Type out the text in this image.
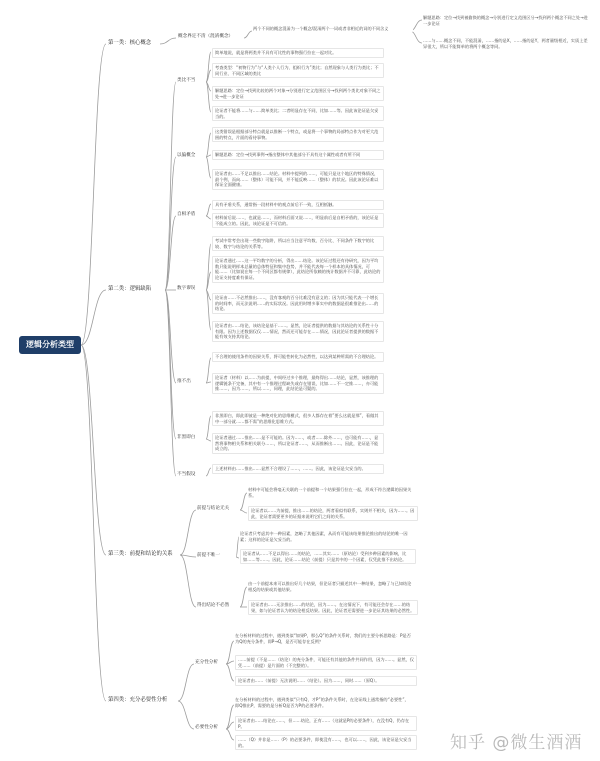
逻辑分析类型
第一类：核心概念
概念界定不清（混淆概念）
两个不同的概念混淆为一个概念/混淆两个一词或者非相近的词的不同含义
解题思路：定位→找到被偷换的概念→分别进行定义范围区分→找到两个概念不同之处→进一步论证
……与……概念不同，不能混淆，……指的是X，……指的是Y，两者量级相近，实质上差异很大，所以不能简单的将两个概念等同。
第二类：逻辑缺陷
类比不当
简单地说，就是将两类并不具有可比性的事物强行拉在一起对比。
考查类型：“初物行为”与“人类个人行为、组织行为”类比；自然现象与人类行为类比；不同行业、不同区域的类比
解题思路：定位→找到比较的两个对象→分别进行定义范围区分→找到两个类比对象不同之处→进一步论证
论证者不能将……与……简单类比；二者明显存在不同，比如……等。因此该论证是欠妥当的。
以偏概全
这类错误是根据部分特点就是以推断一个特点，或是将一个事物的局部特点作为对更大范围的特点，片面的看待事物。
解题思路：定位→找到事例→指出整体中其他部分不具有这个属性或者有所不同
论证者由……不足以推出……结论。材料中提到的……，可能只是这个地区的特殊情况，最个例，而向……（整体）可能不同，并不能反映……（整体）的状况。因此该论证难以保证全面健康。
自相矛盾
具有矛盾关系，通常指一段材料中的观点前后不一致，互相抵触。
材料前后说……，也就是……，而材料后面又说……，明显前后是自相矛盾的，该论证是不能成立的。因此，该论证是不可信的。
数字谬误
考试中常考会出现一些数字陷阱，所以应当注意平均数、百分比、不同条件下数字的比较、数字与结论的关系等。
论证者通过……这一平均数字的分析，得出……结论。该论证过程还有待研究，因为平均数只能说明样本总量的总体特征和集中趋势，并不能代表每一个样本的具体情况，可能……（比如说在每一个不同区都有规律），此结论所依赖的统计数据并不可靠，此结论的论证支持度难有保证。
论证由……不必然推出……，没有客观的百分比难没有意义的；因为其只能代表一个增长的时间率，而无法说明……的实际状况。因此用时增多事实中的数据是很难推论出……的结论。
论证者由……结论，该结论是基于……。显然，论证者提供的数据与其结论的关系性十分有限。因为上述数据仅仅……情况，然而还可能存在……情况，因此论证者提供的数据不能有效支持其结论。
推不出
不合理的使用条件的因果关系，将可能性转化为必然性，以达到某种所需的不合理结论。
论证者（材料）以……为前提，中间经过多个推理，最终得出……结论，显然，该推理的逻辑链条不完备，其中有一个推理过程缺失或存在错误，比如……不一定推……，亦可能推……，因为……，所以……，同理，此结论是可疑的。
非黑即白
非黑即白，即此即彼是一种绝对化的思维模式，很多人都存在着”要么这就是那”，看做其中一部分就……都不需”的思维化思维方式。
论证者通过……推出……是不可能的。因为……，或者……除外……，也可能有……，显然将事物相关系和相关联分……，所以论证者……，从而推断出……。因此，论证是不能成立的。
不当假设
上述材料由……推出……显然不合理设了……，……。因此，该论证是欠妥当的。
第三类：前提和结论的关系
前提与结论无关
材料中可能会将毫无关联的一个前提和一个结果强行拉在一起，形成不符合逻辑的因果关系。
论证者以……为前提，推出……的结论，两者看似有联系，实则并不相关，因为……。因此，论证者需要更多的证据来说明它们之间的关系。
前提不唯一
论证者只考虑其中一种因素，忽略了其他因素，从而有可能该结果推论推出的结论的唯一因素；这样的论证是欠妥当的。
论证者从……不足以得出……的结论，……其实……（原结论）受到多种因素的影响，比如……等……。因此，论证……结论（前提）只是其中的一个因素，仅凭此推不出结论。
得出结论不必然
由一个前提本来可以推出好几个结果，但论证者只描述其中一种结果，忽略了与已知结论相反的结果或其他结果。
论证者由……无法推出……的结论，因为……。在这情况下，有可能还会存在……的结果，如与论证者认为的结论相反结果。因此，论证者还需要进一步论证其结果的必然性。
第四类：充分必要性分析
充分性分析
在分析材料的过程中，遇到类似“如果P，那么Q”的条件关系时，我们的主要分析思路是：P是否为Q的充分条件，即P→Q，是否可能存在反例？
……前提（不是……（结论）的充分条件，可能还有其他的条件共同作用，因为……。显然，仅凭……（前提）是片面的（不完整的）。
论证者由……（前提）无法说明……（结论）。因为……，同时……（原Q）。
必要性分析
在分析材料的过程中，遇到类似“只有Q，才P”的条件关系时，在论证线上通常指的“必要性”，即Q推出P，需要的是分析Q是否为P的必要条件。
论证者由……结论在……，但……结论，正有……（这就是P的必要条件），在没有Q，仍存在P。
……（Q）并非是……（P）的必要条件，即使没有……，也可以……，因此，该论证是欠妥当的。	知乎 @微生酒酒
